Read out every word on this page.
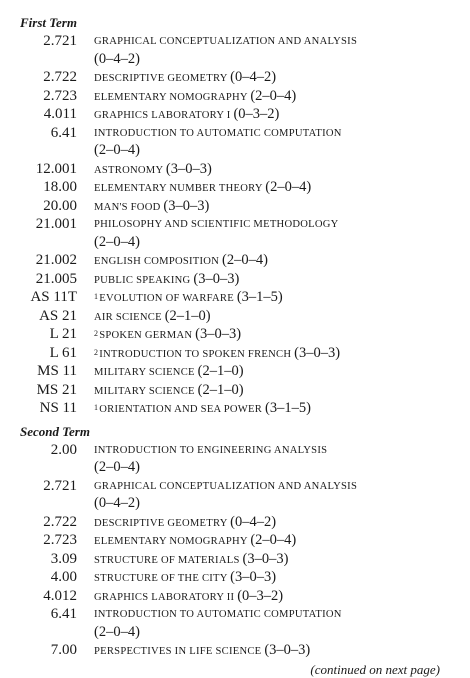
First Term
2.721	GRAPHICAL CONCEPTUALIZATION AND ANALYSIS
(0–4–2)
2.722	DESCRIPTIVE GEOMETRY (0–4–2)
2.723	ELEMENTARY NOMOGRAPHY (2–0–4)
4.011	GRAPHICS LABORATORY I (0–3–2)
6.41	INTRODUCTION TO AUTOMATIC COMPUTATION
(2–0–4)
12.001	ASTRONOMY (3–0–3)
18.00	ELEMENTARY NUMBER THEORY (2–0–4)
20.00	MAN'S FOOD (3–0–3)
21.001	PHILOSOPHY AND SCIENTIFIC METHODOLOGY
(2–0–4)
21.002	ENGLISH COMPOSITION (2–0–4)
21.005	PUBLIC SPEAKING (3–0–3)
AS 11T	$^1$EVOLUTION OF WARFARE (3–1–5)
AS 21	AIR SCIENCE (2–1–0)
L 21	$^2$SPOKEN GERMAN (3–0–3)
L 61	$^2$INTRODUCTION TO SPOKEN FRENCH (3–0–3)
MS 11	MILITARY SCIENCE (2–1–0)
MS 21	MILITARY SCIENCE (2–1–0)
NS 11	$^1$ORIENTATION AND SEA POWER (3–1–5)
Second Term
2.00	INTRODUCTION TO ENGINEERING ANALYSIS
(2–0–4)
2.721	GRAPHICAL CONCEPTUALIZATION AND ANALYSIS
(0–4–2)
2.722	DESCRIPTIVE GEOMETRY (0–4–2)
2.723	ELEMENTARY NOMOGRAPHY (2–0–4)
3.09	STRUCTURE OF MATERIALS (3–0–3)
4.00	STRUCTURE OF THE CITY (3–0–3)
4.012	GRAPHICS LABORATORY II (0–3–2)
6.41	INTRODUCTION TO AUTOMATIC COMPUTATION
(2–0–4)
7.00	PERSPECTIVES IN LIFE SCIENCE (3–0–3)
(continued on next page)
